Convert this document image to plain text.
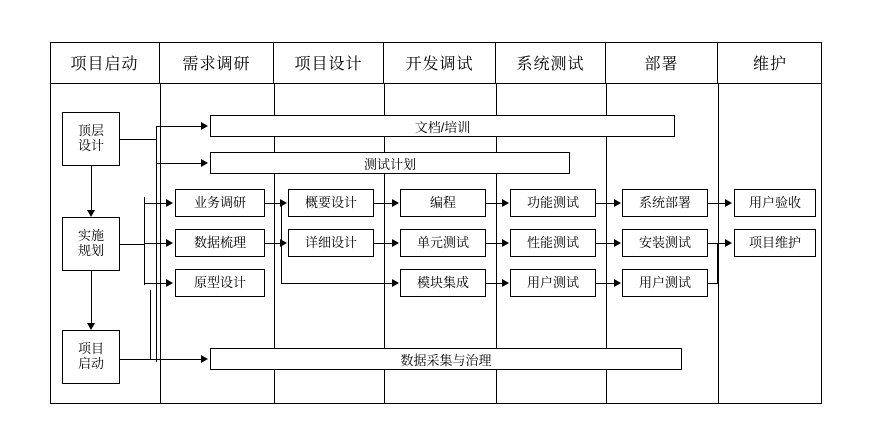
项目启动	需求调研	项目设计	开发调试	系统测试	部署	维护
顶层
设计
实施
规划
项目
启动
文档/培训
测试计划
数据采集与治理
业务调研
数据梳理
原型设计
概要设计
详细设计
编程
单元测试
模块集成
功能测试
性能测试
用户测试
系统部署
安装测试
用户测试
用户验收
项目维护
